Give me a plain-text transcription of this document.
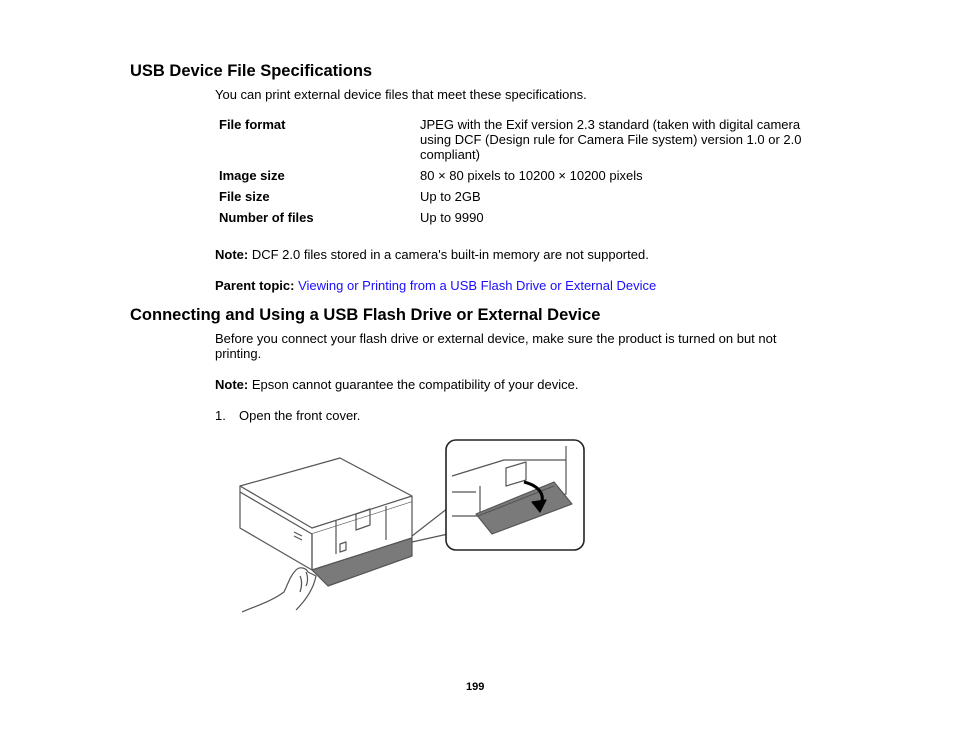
USB Device File Specifications
You can print external device files that meet these specifications.
File format	JPEG with the Exif version 2.3 standard (taken with digital camera using DCF (Design rule for Camera File system) version 1.0 or 2.0 compliant)
Image size	80 × 80 pixels to 10200 × 10200 pixels
File size	Up to 2GB
Number of files	Up to 9990
Note: DCF 2.0 files stored in a camera's built-in memory are not supported.
Parent topic: Viewing or Printing from a USB Flash Drive or External Device
Connecting and Using a USB Flash Drive or External Device
Before you connect your flash drive or external device, make sure the product is turned on but not printing.
Note: Epson cannot guarantee the compatibility of your device.
1. Open the front cover.
199
